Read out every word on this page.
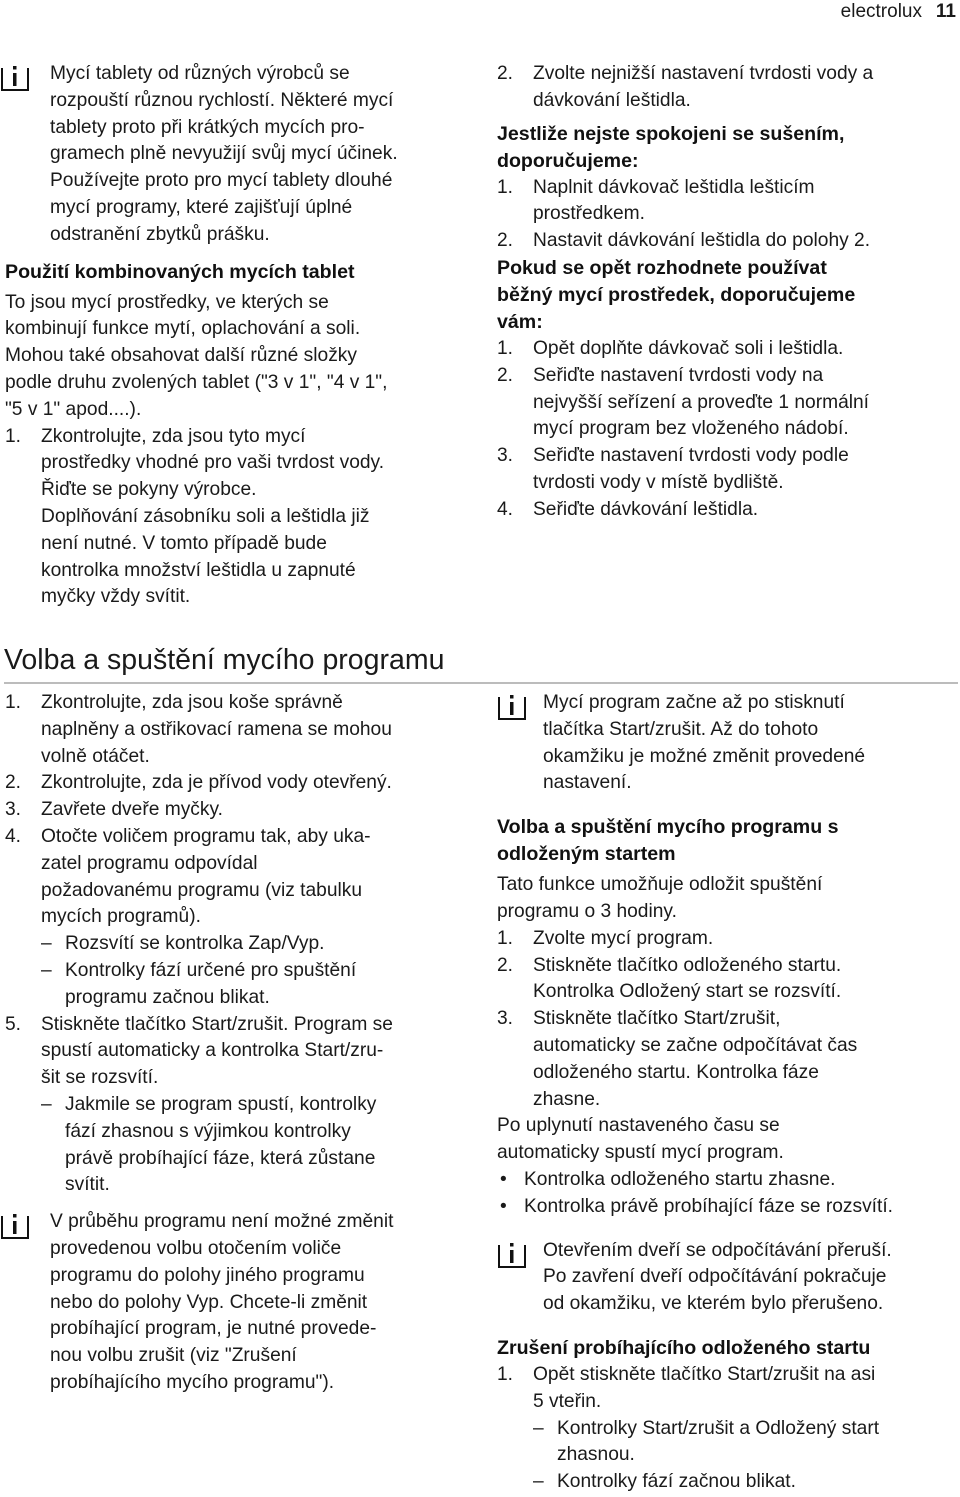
electrolux 11
Mycí tablety od různých výrobců se
rozpouští různou rychlostí. Některé mycí
tablety proto při krátkých mycích pro-
gramech plně nevyužijí svůj mycí účinek.
Používejte proto pro mycí tablety dlouhé
mycí programy, které zajišťují úplné
odstranění zbytků prášku.
Použití kombinovaných mycích tablet
To jsou mycí prostředky, ve kterých se
kombinují funkce mytí, oplachování a soli.
Mohou také obsahovat další různé složky
podle druhu zvolených tablet ("3 v 1", "4 v 1",
"5 v 1" apod....).
1.	Zkontrolujte, zda jsou tyto mycí
prostředky vhodné pro vaši tvrdost vody.
Řiďte se pokyny výrobce.
Doplňování zásobníku soli a leštidla již
není nutné. V tomto případě bude
kontrolka množství leštidla u zapnuté
myčky vždy svítit.
2.	Zvolte nejnižší nastavení tvrdosti vody a
dávkování leštidla.
Jestliže nejste spokojeni se sušením,
doporučujeme:
1.	Naplnit dávkovač leštidla lešticím
prostředkem.
2.	Nastavit dávkování leštidla do polohy 2.
Pokud se opět rozhodnete používat
běžný mycí prostředek, doporučujeme
vám:
1.	Opět doplňte dávkovač soli i leštidla.
2.	Seřiďte nastavení tvrdosti vody na
nejvyšší seřízení a proveďte 1 normální
mycí program bez vloženého nádobí.
3.	Seřiďte nastavení tvrdosti vody podle
tvrdosti vody v místě bydliště.
4.	Seřiďte dávkování leštidla.
Volba a spuštění mycího programu
1.	Zkontrolujte, zda jsou koše správně
naplněny a ostřikovací ramena se mohou
volně otáčet.
2.	Zkontrolujte, zda je přívod vody otevřený.
3.	Zavřete dveře myčky.
4.	Otočte voličem programu tak, aby uka-
zatel programu odpovídal
požadovanému programu (viz tabulku
mycích programů).
– Rozsvítí se kontrolka Zap/Vyp.
– Kontrolky fází určené pro spuštění
programu začnou blikat.
5.	Stiskněte tlačítko Start/zrušit. Program se
spustí automaticky a kontrolka Start/zru-
šit se rozsvítí.
– Jakmile se program spustí, kontrolky
fází zhasnou s výjimkou kontrolky
právě probíhající fáze, která zůstane
svítit.
V průběhu programu není možné změnit
provedenou volbu otočením voliče
programu do polohy jiného programu
nebo do polohy Vyp. Chcete-li změnit
probíhající program, je nutné provede-
nou volbu zrušit (viz "Zrušení
probíhajícího mycího programu").
Mycí program začne až po stisknutí
tlačítka Start/zrušit. Až do tohoto
okamžiku je možné změnit provedené
nastavení.
Volba a spuštění mycího programu s
odloženým startem
Tato funkce umožňuje odložit spuštění
programu o 3 hodiny.
1.	Zvolte mycí program.
2.	Stiskněte tlačítko odloženého startu.
Kontrolka Odložený start se rozsvítí.
3.	Stiskněte tlačítko Start/zrušit,
automaticky se začne odpočítávat čas
odloženého startu. Kontrolka fáze
zhasne.
Po uplynutí nastaveného času se
automaticky spustí mycí program.
• Kontrolka odloženého startu zhasne.
• Kontrolka právě probíhající fáze se rozsvítí.
Otevřením dveří se odpočítávání přeruší.
Po zavření dveří odpočítávání pokračuje
od okamžiku, ve kterém bylo přerušeno.
Zrušení probíhajícího odloženého startu
1.	Opět stiskněte tlačítko Start/zrušit na asi
5 vteřin.
– Kontrolky Start/zrušit a Odložený start
zhasnou.
– Kontrolky fází začnou blikat.
